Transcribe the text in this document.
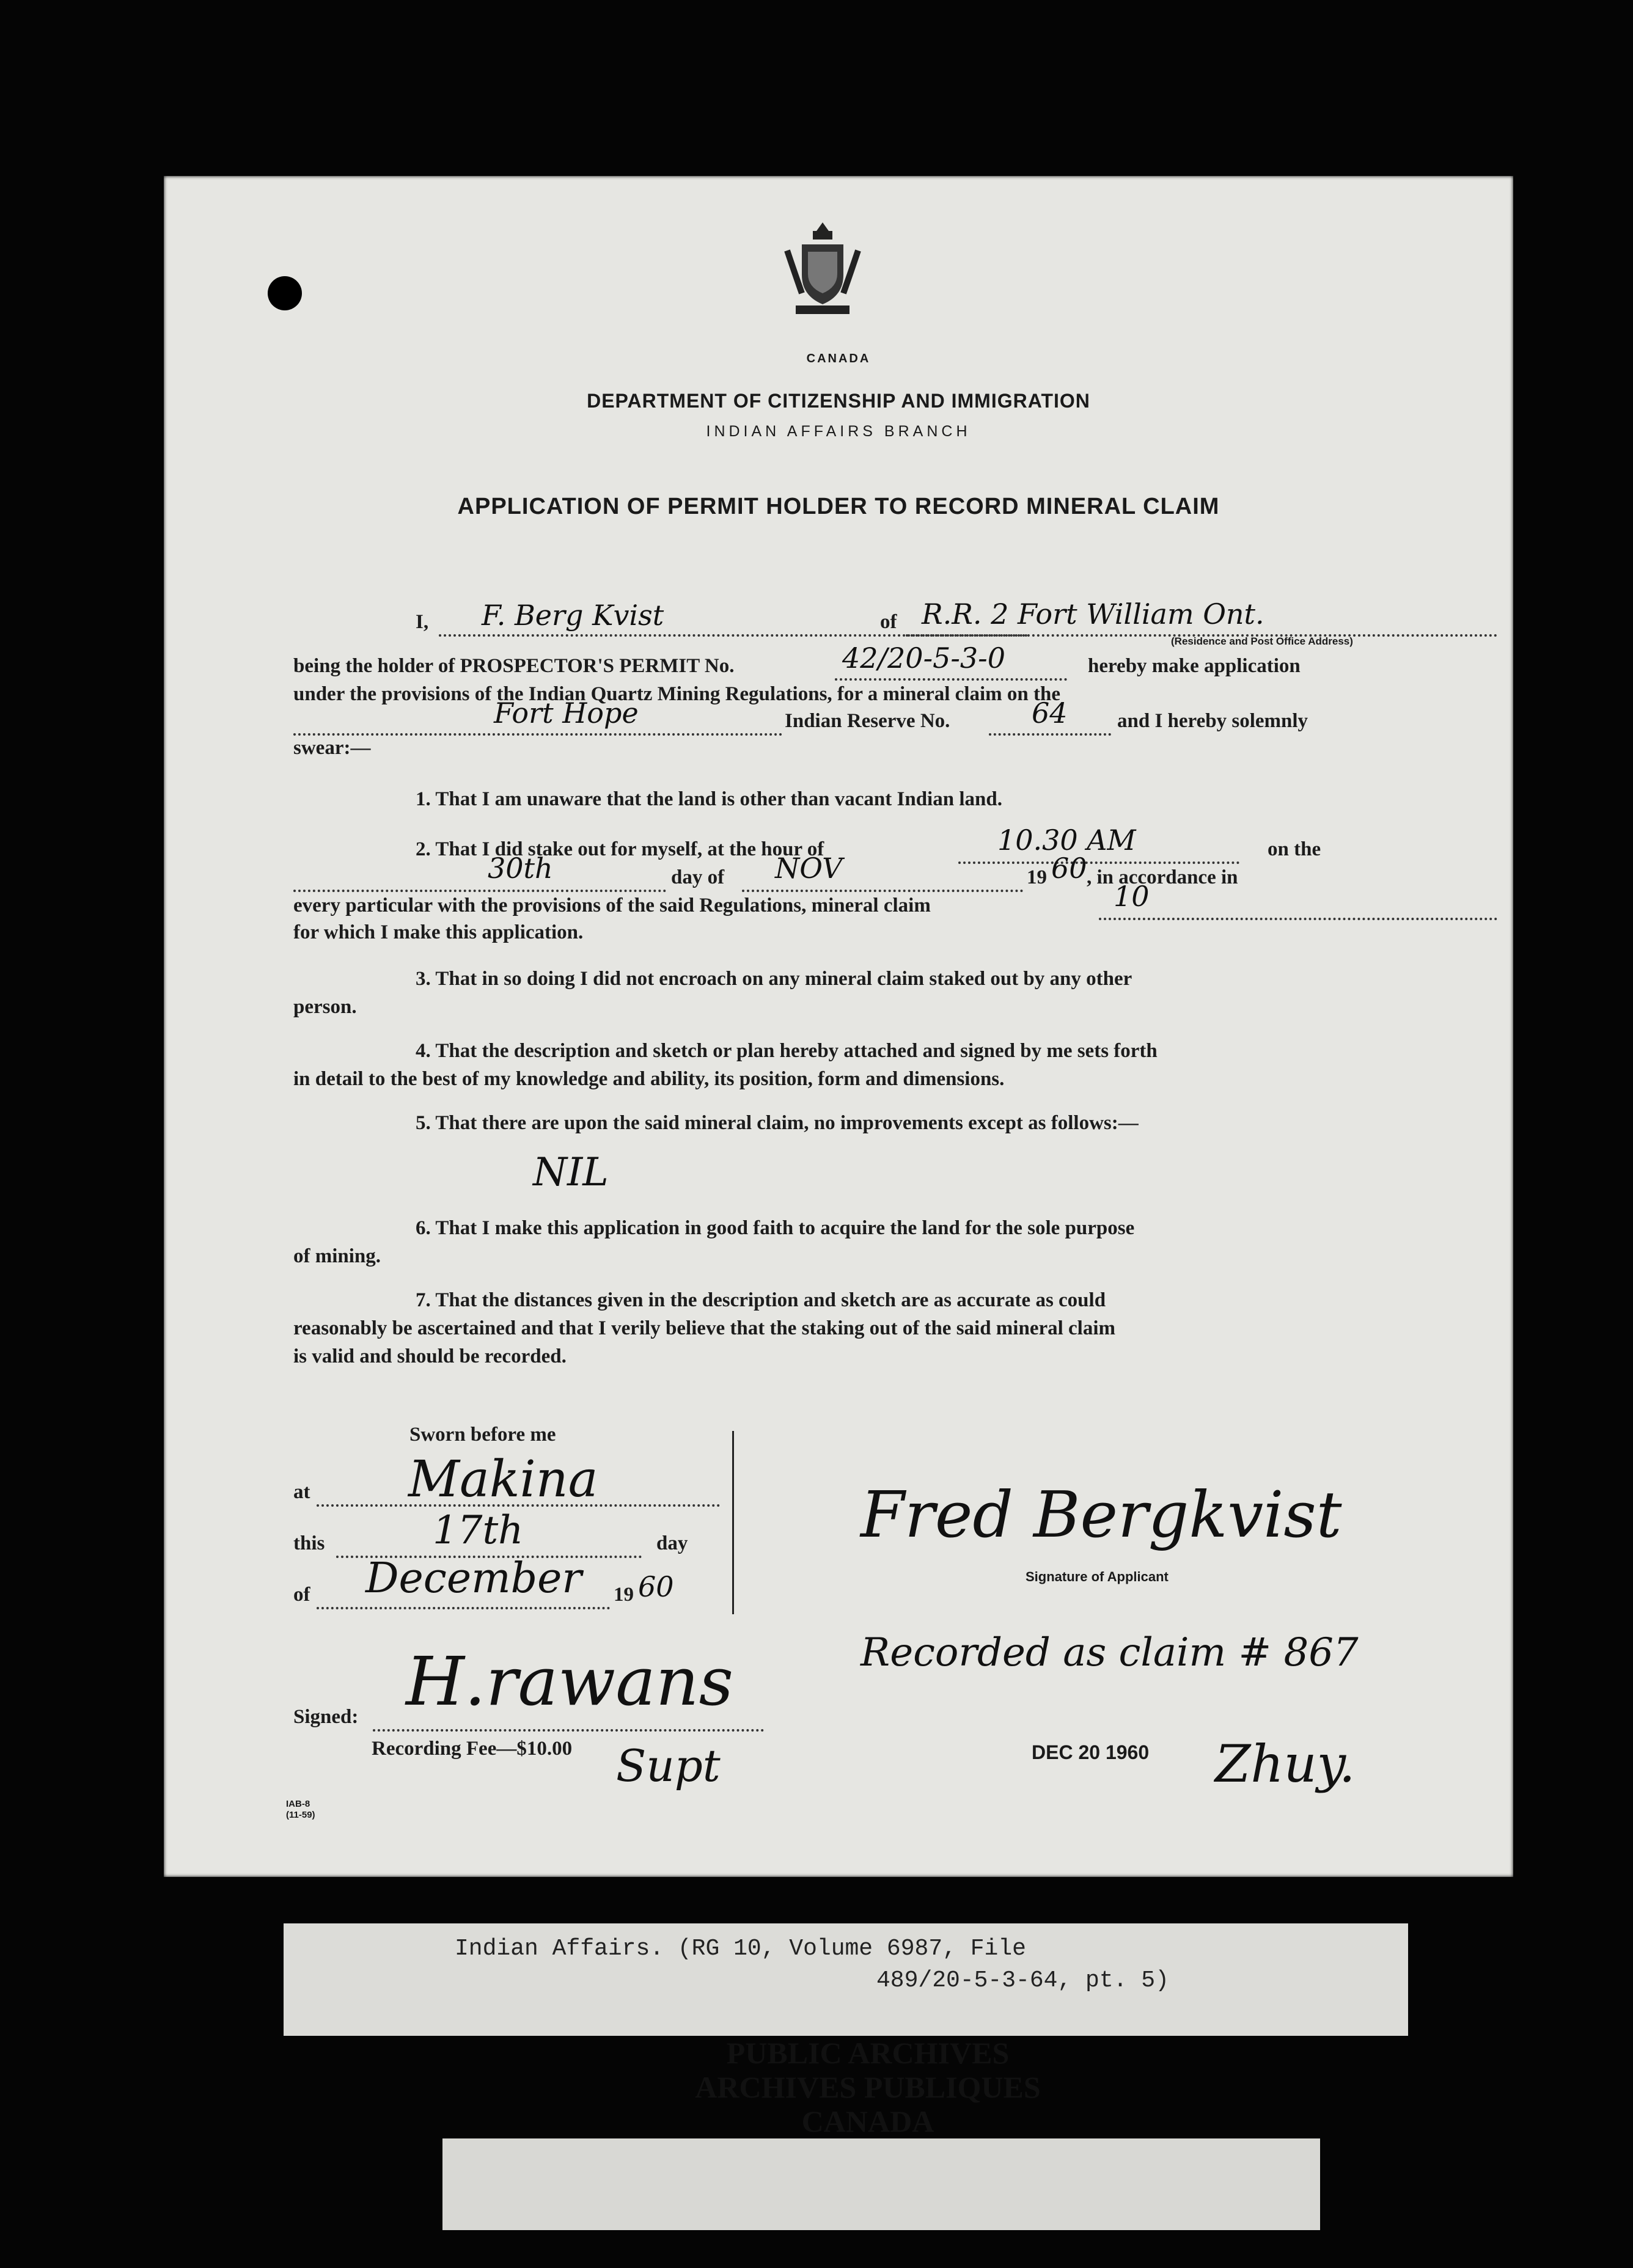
CANADA
DEPARTMENT OF CITIZENSHIP AND IMMIGRATION
INDIAN AFFAIRS BRANCH
APPLICATION OF PERMIT HOLDER TO RECORD MINERAL CLAIM
I, F. Berg Kvist	of R.R. 2 Fort William Ont.
(Residence and Post Office Address)
being the holder of PROSPECTOR'S PERMIT No.	42/20-5-3-0	hereby make application
under the provisions of the Indian Quartz Mining Regulations, for a mineral claim on the
Fort Hope	Indian Reserve No.	64 and I hereby solemnly
swear:—
1. That I am unaware that the land is other than vacant Indian land.
2. That I did stake out for myself, at the hour of	10.30 AM	on the
30th	day of NOV	19 60 , in accordance in
every particular with the provisions of the said Regulations, mineral claim	10
for which I make this application.
3. That in so doing I did not encroach on any mineral claim staked out by any other
person.
4. That the description and sketch or plan hereby attached and signed by me sets forth
in detail to the best of my knowledge and ability, its position, form and dimensions.
5. That there are upon the said mineral claim, no improvements except as follows:—
NIL
6. That I make this application in good faith to acquire the land for the sole purpose
of mining.
7. That the distances given in the description and sketch are as accurate as could
reasonably be ascertained and that I verily believe that the staking out of the said mineral claim
is valid and should be recorded.
Sworn before me
at Makina
this	17th	day
of December 19 60
Signed: H.rawans
Recording Fee—$10.00 Supt
IAB-8
(11-59)
Fred Bergkvist
Signature of Applicant
Recorded as claim # 867
DEC 20 1960 Zhuy.
Indian Affairs. (RG 10, Volume 6987, File
489/20-5-3-64, pt. 5)
PUBLIC ARCHIVES
ARCHIVES PUBLIQUES
CANADA
